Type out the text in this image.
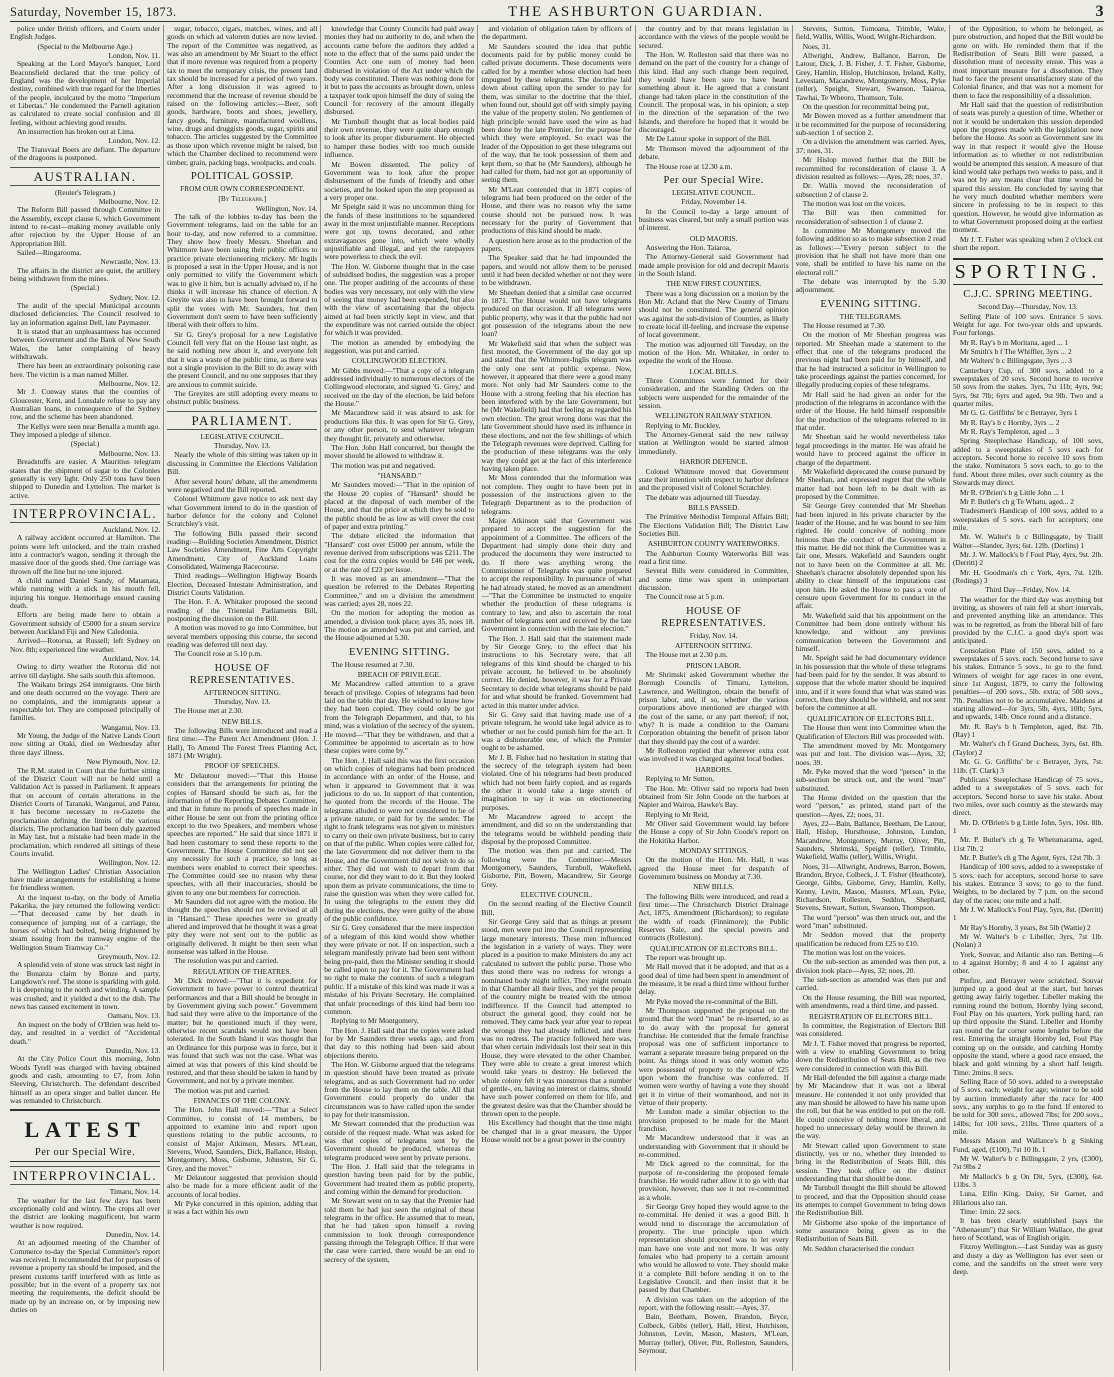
Saturday, November 15, 1873.	THE ASHBURTON GUARDIAN.	3

police under British officers, and Courts under English Judges.

(Special to the Melbourne Age.)

London, Nov. 11.

Speaking at the Lord Mayor's banquet, Lord Beaconsfield declared that the true policy of England was the development of her Imperial destiny, combined with true regard for the liberties of the people, inculcated by the motto "Imperium et Libertas." He condemned the Parnell agitation as calculated to create social confusion and ill feeling, without achieving good results.

An insurrection has broken out at Lima.

London, Nov. 12.

The Transvaal Boers are defiant. The departure of the dragoons is postponed.

AUSTRALIAN.

(Reuter's Telegram.)

Melbourne, Nov. 12.

The Reform Bill passed through Committee in the Assembly, except clause 6, which Government intend to re-cast—making money available only after rejection by the Upper House of an Appropriation Bill.

Sailed—Ringarooma.

Newcastle, Nov. 13.

The affairs in the district are quiet, the artillery being withdrawn from the mines.

(Special.)

Sydney, Nov. 12.

The audit of the special Municipal accounts disclosed deficiencies. The Council resolved to lay an information against Dell, late Paymaster.

It is stated that an unpleasantness has occurred between Government and the Bank of New South Wales, the latter complaining of heavy withdrawals.

There has been an extraordinary poisoning case here. The victim is a man named Miller.

Melbourne, Nov. 12.

Mr J. Conway states that the counties of Gloucester, Kent, and Lonsdale refuse to pay any Australian loans, in consequence of the Sydney row, and the scheme has been abandoned.

The Kellys were seen near Benalla a month ago. They imposed a pledge of silence.

(Special.)

Melbourne, Nov. 13.

Breadstuffs are easier. A Mauritius telegram states that the shipment of sugar to the Colonies generally is very light. Only 250 tons have been shipped to Dunedin and Lyttelton. The market is active.

INTERPROVINCIAL.

Auckland, Nov. 12.

A railway accident occurred at Hamilton. The points were left unlocked, and the train crashed into a contractor's wagon, sending it through the massive door of the goods shed. One carriage was thrown off the line but no one injured.

A child named Daniel Sandy, of Matamata, while running with a stick in his mouth fell, injuring his tongue. Hemorrhage ensued causing death.

Efforts are being made here to obtain a Government subsidy of £5000 for a steam service between Auckland Fiji and New Caledonia.

Arrived—Rotorua, at Russell; left Sydney on Nov. 8th; experienced fine weather.

Auckland, Nov. 14.

Owing to dirty weather the Rotorua did not arrive till daylight. She sails south this afternoon.

The Waikato brings 264 immigrants. One birth and one death occurred on the voyage. There are no complaints, and the immigrants appear a respectable lot. They are composed principally of families.

Wanganui, Nov. 13.

Mr Young, the Judge of the Native Lands Court now sitting at Otaki, died on Wednesday after three days' illness.

New Plymouth, Nov. 12.

The R.M. stated in Court that the further sitting of the District Court will not be held until a Validation Act is passed in Parliament. It appears that on account of certain alterations in the District Courts of Taranaki, Wanganui, and Patea, it has become necessary to re-Gazette the proclamation defining the limits of the various districts. The proclamation had been duly gazetted in May last, but a mistake had been made in the proclamation, which rendered all sittings of these Courts invalid.

Wellington, Nov. 12.

The Wellington Ladies' Christian Association have made arrangements for establishing a home for friendless women.

At the inquest to-day, on the body of Amelia Pakarika, the jury returned the following verdict:—"That deceased came by her death in consequence of jumping out of a carriage, the horses of which had bolted, being frightened by steam issuing from the tramway engine of the Wellington Steam Tramway Co."

Greymouth, Nov. 12.

A splendid vein of stone was struck last night in the Bonanza claim by Bonze and party, Langdown's reef. The stone is sparkling with gold. It is deepening to the north and winding. A sample was crushed, and it yielded a dwt to the dish. The news has caused excitement in town.

Oamaru, Nov. 13.

An inquest on the body of O'Brien was held to-day, and resulted in a verdict of "Accidental death."

Dunedin, Nov. 13.

At the City Police Court this morning, John Woods Tyrell was charged with having obtained goods and cash, amounting to £7, from John Sleeving, Christchurch. The defendant described himself as an opera singer and ballet dancer. He was remanded to Christchurch.

LATEST
Per our Special Wire.
INTERPROVINCIAL.

Timaru, Nov. 14.

The weather for the last few days has been exceptionally cold and wintry. The crops all over the district are looking magnificent, but warm weather is now required.

Dunedin, Nov. 14.

At an adjourned meeting of the Chamber of Commerce to-day the Special Committee's report was received. It recommended that for purposes of revenue a property tax should be imposed, and the present customs tariff interfered with as little as possible; but in the event of a property tax not meeting the requirements, the deficit should be made up by an increase on, or by imposing new duties on

sugar, tobacco, cigars, matches, wines, and all goods on which ad valorem duties are now levied. The report of the Committee was negatived, as was also an amendment by Mr Stuart to the effect that if more revenue was required from a property tax to meet the temporary crisis, the present land tax should be increased for a period of two years. After a long discussion it was agreed to recommend that the increase of revenue should be raised on the following articles:—Beer, soft goods, hardware, boots and shoes, jewellery, fancy goods, furniture, manufactured woollens, wine, drugs and druggists goods, sugar, spirits and tobacco. The articles suggested by the Committee as those upon which revenue might be raised, but which the Chamber declined to recommend were timber, grain, packing bags, woolpacks, and coals.

POLITICAL GOSSIP.
FROM OUR OWN CORRESPONDENT.
[By Telegraph.]

Wellington, Nov. 14.

The talk of the lobbies to-day has been the Government telegrams, laid on the table for an hour to-day, and now referred to a committee. They show how freely Messrs. Sheehan and Whitmore have been using their public offices to practice private electioneering trickery. Mr Ingils is proposed a seat in the Upper House, and is not only permitted to vilify the Government which was to give it him, but is actually advised to, if he thinks it will increase his chance of election. A Greyite was also to have been brought forward to split the votes with Mr. Saunders, but then Government don't seem to have been sufficiently liberal with their offers to him.

Sir G. Grey's proposal for a new Legislative Council fell very flat on the House last night, as he said nothing new about it, and everyone felt that it was a waste of the public time, as there was not a single provision in the Bill to do away with the present Council, and no one supposes that they are anxious to commit suicide.

The Greyites are still adopting every means to obstruct public business.

PARLIAMENT.
LEGISLATIVE COUNCIL.

Thursday, Nov. 13.

Nearly the whole of this sitting was taken up in discussing in Committee the Elections Validation Bill.

After several hours' debate, all the amendments were negatived and the Bill reported.

Colonel Whitmore gave notice to ask next day what Government intend to do in the question of harbor defence for the colony and Colonel Scratchley's visit.

The following Bills passed their second reading:—Building Societies Amendment, District Law Societies Amendment, Fine Arts Copyright Amendment, City of Auckland Loans Consolidated, Waimenga Racecourse.

Third readings—Wellington Highway Boards Election, Deceased Intestate Administration, and District Courts Validation.

The Hon. F. A. Whitaker proposed the second reading of the Triennial Parliaments Bill, postponing the discussion on the Bill.

A motion was moved to go into Committee, but several members opposing this course, the second reading was deferred till next day.

The Council rose at 5.10 p.m.

HOUSE OF REPRESENTATIVES.
AFTERNOON SITTING.

Thursday, Nov. 13.

The House met at 2.30.

NEW BILLS.

The following Bills were introduced and read a first time:—The Patent Act Amendment (Hon. J. Hall), To Amend The Forest Trees Planting Act, 1871 (Mr Wright).

PROOF OF SPEECHES.

Mr Delautour moved:—"That this House considers that the arrangements for printing the copies of Hansard should be such as, for the information of the Reporting Debates Committee, and that in future no proofs of speeches made in either House be sent out from the printing office except to the two Speakers, and members whose speeches are reported." He said that since 1871 it had been customary to send these reports to the Government. The House Committee did not see any necessity for such a practice, so long as members were enabled to correct their speeches. The Committee could see no reason why these speeches, with all their inaccuracies, should be given to any one but members for correction.

Mr Saunders did not agree with the motion. He thought the speeches should not be revised at all in "Hansard." These speeches were so greatly altered and improved that he thought it was a great pity they were not sent out to the public as originally delivered. It might be then seen what nonsense was talked in the House.

The resolution was put and carried.

REGULATION OF THEATRES.

Mr Dick moved:—"That it is expedient for Government to have power to control theatrical performances and that a Bill should be brought in by Government giving such power." Government had said they were alive to the importance of the matter; but he questioned much if they were, otherwise recent scandals would not have been tolerated. In the South Island it was thought that an Ordinance for this purpose was in force, but it was found that such was not the case. What was aimed at was that powers of this kind should be restored, and that these should be taken in hand by Government, and not by a private member.

The motion was put and carried.

FINANCES OF THE COLONY.

The Hon. John Hall moved:—"That a Select Committee, to consist of 14 members, be appointed to examine into and report upon questions relating to the public accounts, to consist of Major Atkinson, Messrs. M'Lean, Stevens, Wood, Saunders, Dick, Ballance, Hislop, Montgomery, Moss, Gisborne, Johnston, Sir G. Grey, and the mover."

Mr Delautour suggested that provision should also be made for a more efficient audit of the accounts of local bodies.

Mr Pyke concurred in this opinion, adding that it was a fact within his own

knowledge that County Councils had paid away monies they had no authority to do, and when the accounts came before the auditors they added a note to the effect that of the sums paid under the Counties Act one sum of money had been disbursed in violation of the Act under which the body was constituted. There was nothing done for it but to pass the accounts as brought down, unless a taxpayer took upon himself the duty of suing the Council for recovery of the amount illegally disbursed.

Mr Turnbull thought that as local bodies paid their own revenue, they were quite sharp enough to look after its proper disbursement. He objected to hamper these bodies with too much outside influence.

Mr Bowen dissented. The policy of Government was to look after the proper disbursement of the funds of friendly and other societies, and he looked upon the step proposed as a very proper one.

Mr Speight said it was no uncommon thing for the funds of these institutions to be squandered away in the most unjustifiable manner. Receptions were got up, towns decorated, and other extravagances gone into, which were wholly unjustifiable and illegal, and yet the ratepayers were powerless to check the evil.

The Hon. W. Gisborne thought that in the case of subsidised bodies, the suggestion was a proper one. The proper auditing of the accounts of these bodies was very necessary, not only with the view of seeing that money had been expended, but also with the view of ascertaining that the objects aimed at had been strictly kept in view, and that the expenditure was not carried outside the object for which it was provided.

The motion as amended by embodying the suggestion, was put and carried.

COLLINGWOOD ELECTION.

Mr Gibbs moved:—"That a copy of a telegram addressed individually to numerous electors of the Collingwood electorate, and signed 'G. Grey,' and received on the day of the election, be laid before the House."

Mr Macandrew said it was absurd to ask for productions like this. It was open for Sir G. Grey, or any other person, to send whatever telegram they thought fit, privately and otherwise.

The Hon. John Hall concurred, but thought the mover should be allowed to withdraw it.

The motion was put and negatived.

"HANSARD."

Mr Saunders moved:—"That in the opinion of the House 20 copies of "Hansard" should be placed at the disposal of each member of the House, and that the price at which they be sold to the public should be as low as will cover the cost of paper and extra printing."

The debate elicited the information that "Hansard" cost over £5000 per annum, while the revenue derived from subscriptions was £211. The cost for the extra copies would be £46 per week, or at the rate of £23 per issue.

It was moved as an amendment—"That the question be referred to the Debates Reporting Committee," and on a division the amendment was carried; ayes 28, noes 22.

On the motion for adopting the motion as amended, a division took place; ayes 35, noes 18. The motion as amended was put and carried, and the House adjourned at 5.30.

EVENING SITTING.

The House resumed at 7.30.

BREACH OF PRIVILEGE.

Mr Macandrew called attention to a grave breach of privilege. Copies of telegrams had been laid on the table that day. He wished to know how they had been copied. They could only be got from the Telegraph Department, and that, to his mind, was a violation of the secrecy of the system. He moved—"That they be withdrawn, and that a Committee be appointed to ascertain as to how these copies were come by."

The Hon. J. Hall said this was the first occasion on which copies of telegrams had been produced in accordance with an order of the House, and when it appeared to Government that it was judicious to do so. In support of that contention, he quoted from the records of the House. The telegrams alluded to were not considered to be of a private nature, or paid for by the sender. The right to frank telegrams was not given to ministers to carry on their own private business, but to carry on that of the public. When copies were called for, the late Government did not deliver them to the House, and the Government did not wish to do so either. They did not wish to depart from that course, nor did they want to do it. But they looked upon them as private communications, the time to raise the question was when they were called for. In using the telegraphs to the extent they did during the elections, they were guilty of the abuse of the public confidence.

Sir G. Grey considered that the mere inspection of a telegram of this kind would show whether they were private or not. If on inspection, such a telegram manifestly private had been sent without being pre-paid, then the Minister sending it should be called upon to pay for it. The Government had no right to make the contents of such a telegram public. If a mistake of this kind was made it was a mistake of his Private Secretary. He complained that unfair proceedings of this kind had been too common.

Replying to Mr Montgomery,

The Hon. J. Hall said that the copies were asked for by Mr Saunders three weeks ago, and from that day to this nothing had been said about objections thereto.

The Hon. W. Gisborne argued that the telegrams in question should have been treated as private telegrams, and as such Government had no order from the House to lay them on the table. All that Government could properly do under the circumstances was to have called upon the sender to pay for their transmission.

Mr Stewart contended that the production was outside of the request made. What was asked for was that copies of telegrams sent by the Government should be produced, whereas the telegrams produced were sent by private persons.

The Hon. J. Hall said that the telegrams in question having been paid for by the public, Government had treated them as public property, and coming within the demand for production.

Mr Stewart went on to say that the Premier had told them he had just seen the original of these telegrams in the office. He assumed that to mean, that he had taken upon himself a roving commission to look through correspondence passing through the Telegraph Office. If that were the case were carried, there would be an end to secrecy of the system,

and violation of obligation taken by officers of the department.

Mr Saunders scouted the idea that public documents paid for by public money could be called private documents. These documents were called for by a member whose election had been impugned by these telegrams. The doctrine laid down about calling upon the sender to pay for them, was similar to the doctrine that the thief, when found out, should get off with simply paying the value of the property stolen. No gentlemen of high principle would have used the wire as had been done by the late Premier, for the purpose for which they were employed. So exact was the leader of the Opposition to get these telegrams out of the way, that he took possession of them and kept them, so that he (Mr Saunders), although he had called for them, had not got an opportunity of seeing them.

Mr M'Lean contended that in 1871 copies of telegrams had been produced on the order of the House, and there was no reason why the same course should not be pursued now. It was necessary for the purity of Government that productions of this kind should be made.

A question here arose as to the production of the papers.

The Speaker said that he had impounded the papers, and would not allow them to be perused until it had been decided whether or not they were to be withdrawn.

Mr Sheehan denied that a similar case occurred in 1871. The House would not have telegrams produced on that occasion. If all telegrams were public property, why was it that the public had not got possession of the telegrams about the new loan?

Mr Wakefield said that when the subject was first mooted, the Government of the day got up and stated that the Whitmore-Inglis telegram was the only one sent at public expense. Now, however, it appeared that there were a good many more. Not only had Mr Saunders come to the House with a strong feeling that his election has been interfered with by the late Government, but he (Mr Wakefield) had that feeling as regarded his own election. The great wrong done was that the late Government should have used its influence in these elections, and not the few shillings of which the Telegraph revenues were deprived. Calling for the production of these telegrams was the only way they could get at the fact of this interference having taken place.

Mr Moss contended that the information was not complete. They ought to have been put in possession of the instructions given to the Telegraph Department as to the production of telegrams.

Major Atkinson said that Government was prepared to accept the suggestion for the appointment of a Committee. The officers of the Department had simply done their duty and produced the documents they were instructed to do. If there was anything wrong the Commissioner of Telegraphs was quite prepared to accept the responsibility. In pursuance of what he had already stated, he moved as an amendment—"That the Committee be instructed to enquire whether the production of these telegrams is contrary to law, and also to ascertain the total number of telegrams sent and received by the late Government in connection with the late election."

The Hon. J. Hall said that the statement made by Sir George Grey, to the effect that his instructions to his Secretary were, that all telegrams of this kind should be charged to his private account, he believed to be absolutely correct. He denied, however, it was for a Private Secretary to decide what telegrams should be paid for and what should be franked. Government had acted in this matter under advice.

Sir G. Grey said that having made use of a private telegram, he would take legal advice as to whether or not he could punish him for the act. It was a dishonorable one, of which the Premier ought to be ashamed.

Mr J. B. Fisher had no hesitation in stating that the secrecy of the telegraph system had been violated. One of his telegrams had been produced which had not been fairly copied, and as regards the other it would take a large stretch of imagination to say it was on electioneering purposes.

Mr Macandrew agreed to accept the amendment, and did so on the understanding that the telegrams would be withheld pending their disposal by the proposed Committee.

The motion was then put and carried. The following were the Committee:—Messrs Montgomery, Saunders, Turnbull, Wakefield, Gisborne, Pitt, Bowen, Macandrew, Sir George Grey.

ELECTIVE COUNCIL.

On the second reading of the Elective Council Bill,

Sir George Grey said that as things at present stood, men were put into the Council representing large monetary interests. These men influenced the legislation in a variety of ways. They were placed in a position to make Ministers do any act calculated to subvert the public purse. Those who thus stood there was no redress for wrongs a nominated body might inflict. They might remain in that Chamber all their lives, and yet the people of the country might be treated with the utmost indifference. If the Council had attempted to obstruct the general good, they could not be removed. They came back year after year to repeat the wrongs they had already inflicted, and there was no redress. The practice followed here was, that when certain individuals lost their seat in this House, they were elevated to the other Chamber. They were able to create a great interest which would take years to destroy. He believed the whole colony felt it was monstrous that a number of gentle-, en, having no interest or claims, should have such power conferred on them for life, and the greatest desire was that the Chamber should be thrown open to the people.

His Excellency had thought that the time might be changed that in a great measure, the Upper House would not be a great power in the country

the country and by that means legislation in accordance with the views of the people would be secured.

The Hon. W. Rolleston said that there was no demand on the part of the country for a change of this kind. Had any such change been required, they would have been sure to have heard something about it. He agreed that a constant change had taken place in the constitution of the Council. The proposal was, in his opinion, a step in the direction of the separation of the two Islands, and therefore he hoped that it would be discouraged.

Mr De Latour spoke in support of the Bill.

Mr Thomson moved the adjournment of the debate.

The House rose at 12.30 a.m.

Per our Special Wire.
LEGISLATIVE COUNCIL.

Friday, November 14.

In the Council to-day a large amount of business was cleared, but only a small portion was of interest.

OLD MAORIS.

Answering the Hon. Taiaroa,

The Attorney-General said Government had made ample provision for old and decrepit Maoris in the South Island.

THE NEW FIRST COUNTIES.

There was a long discussion on a motion by the Hon Mr. Acland that the New County of Timaru should not be constituted. The general opinion was against the sub-division of Counties, as likely to create local ill-feeling, and increase the expense of local government.

The motion was adjourned till Tuesday, on the motion of the Hon. Mr. Whitaker, in order to expedite the work of the House.

LOCAL BILLS.

Three Committees were formed for their consideration, and the Standing Orders on the subjects were suspended for the remainder of the session.

WELLINGTON RAILWAY STATION.

Replying to Mr. Buckley,

The Attorney-General said the new railway station at Wellington would be started almost immediately.

HARBOR DEFENCE.

Colonel Whitmore moved that Government state their intention with respect to harbor defence and the proposed visit of Colonel Scratchley.

The debate was adjourned till Tuesday.

BILLS PASSED.

The Primitive Methodist Temporal Affairs Bill; The Elections Validation Bill; The District Law Societies Bill.

ASHBURTON COUNTY WATERWORKS.

The Ashburton County Waterworks Bill was read a first time.

Several Bills were considered in Committee, and some time was spent in unimportant discussion.

The Council rose at 5 p.m.

HOUSE OF REPRESENTATIVES.

Friday, Nov. 14.

AFTERNOON SITTING.

The House met at 2.30 p.m.

PRISON LABOR.

Mr Shrimski asked Government whether the Borough Councils of Timaru, Lyttelton, Lawrence, and Wellington, obtain the benefit of prison labor, and, if so, whether the various corporations above mentioned are charged with the cost of the same, or any part thereof; if not, why? It is made a condition to the Oamaru Corporation obtaining the benefit of prison labor that they should pay the cost of a warder.

Mr Rolleston replied that wherever extra cost was involved it was charged against local bodies.

HARBORS.

Replying to Mr Sutton,

The Hon. Mr. Oliver said no reports had been obtained from Sir John Coode on the harbors at Napier and Wairoa, Hawke's Bay.

Replying to Mr Reid,

Mr Oliver said Government would lay before the House a copy of Sir John Coode's report on the Hokitika Harbor.

MONDAY SITTINGS.

On the motion of the Hon. Mr. Hall, it was agreed the House meet for despatch of Government business on Monday at 7.30.

NEW BILLS.

The following Bills were introduced, and read a first time:—The Christchurch District Drainage Act, 1875, Amendment (Richardson); to regulate the width of roads (Finnimore); the Public Reserves Sale, and the special powers and contracts (Rolleston).

QUALIFICATION OF ELECTORS BILL.

The report was brought up.

Mr Hall moved that it be adopted, and that as a good deal of time had been spent in amendment of the measure, it be read a third time without further delay.

Mr Pyke moved the re-committal of the Bill.

Mr Thompson supported the proposal on the ground that the word "man" be re-inserted, so as to do away with the proposal for general franchise. He contended that the female franchise proposal was one of sufficient importance to warrant a separate measure being prepared on the point. As things stood it was only women who were possessed of property to the value of £25 upon whom the franchise was conferred. If women were worthy of having a vote they should get it in virtue of their womanhood, and not in virtue of their property.

Mr Lundon made a similar objection to the provision proposed to be made for the Maori franchise.

Mr Macandrew understood that it was an understanding with Government that it should be re-committed.

Mr Dick agreed to the committal, for the purpose of re-considering the proposed female franchise. He would rather allow it to go with that provision, however, than see it not re-committed as a whole.

Sir George Grey hoped they would agree to the re-committal. He denied it was a good Bill. It would tend to discourage the accumulation of property. The true principle upon which representation should proceed was to let every man have one vote and not more. It was only females who had property to a certain amount who would be allowed to vote. They should make it a complete Bill before sending it on to the Legislative Council, and then insist that it be passed by that Chamber.

A division was taken on the adoption of the report, with the following result:—Ayes, 37.

Bain, Beetham, Bowen, Brandon, Bryce, Colbeck, Gibbs (teller), Hall, Hirst, Hutchison, Johnston, Levin, Mason, Masters, M'Lean, Murray (teller), Oliver, Pitt, Rolleston, Saunders, Seymour,

Stevens, Sutton, Tomoana, Trimble, Wake, field, Wallis, Willis, Wood, Wright-Richardson.

Noes, 31.

Allwright, Andrew, Ballance, Barron, De Latour, Dick, J. B. Fisher, J. T. Fisher, Gisborne, Grey, Hamlin, Hislop, Hutchinson, Ireland, Kelly, Levestam, Macandrew, Montgomery, Moss, Pyke (teller), Speight, Stewart, Swanson, Taiaroa, Tawhai, Te Wheoro, Thomson, Tole.

On the question for recommittal being put,

Mr Bowen moved as a further amendment that it be recommitted for the purpose of reconsidering sub-section 1 of section 2.

On a division the amendment was carried. Ayes, 37; noes, 31.

Mr Hislop moved further that the Bill be recommitted for reconsideration of clause 3. A division resulted as follows:—Ayes, 28; noes, 37.

Dr. Wallis moved the reconsideration of subsection 2 of clause 2.

The motion was lost on the voices.

The Bill was then committed for reconsideration of subsection 1 of clause 2.

In committee Mr Montgomery moved the following addition so as to make subsection 2 read as follows:—"Every person subject to the provision that he shall not have more than one vote, shall be entitled to have his name on the electoral roll."

The debate was interrupted by the 5.30 adjournment.

EVENING SITTING.
THE TELEGRAMS.

The House resumed at 7.30.

On the motion of Mr Sheehan progress was reported. Mr Sheehan made a statement to the effect that one of the telegrams produced the previous night had been paid for by himself, and that he had instructed a solicitor in Wellington to take proceedings against the parties concerned, for illegally producing copies of these telegrams.

Mr Hall said he had given an order for the production of the telegrams in accordance with the order of the House. He held himself responsible for the production of the telegrams referred to in that order.

Mr Sheehan said he would nevertheless take legal proceedings in the matter. He was afraid he would have to proceed against the officer in charge of the department.

Mr Wakefield deprecated the course pursued by Mr Sheehan, and expressed regret that the whole matter had not been left to be dealt with as proposed by the Committee.

Sir George Grey contended that Mr Sheehan had been injured in his private character by the leader of the House, and he was bound to see him righted. He could conceive of nothing more heinous than the conduct of the Government in this matter. He did not think the Committee was a fair one, Messrs. Wakefield and Saunders ought not to have been on the Committee at all. Mr. Sheehan's character absolutely depended upon his ability to clear himself of the imputations cast upon him. He asked the House to pass a vote of censure upon Government for its conduct in the affair.

Mr. Wakefield said that his appointment on the Committee had been done entirely without his knowledge, and without any previous communication between the Government and himself.

Mr. Speight said he had documentary evidence in his possession that the whole of these telegrams had been paid for by the sender. It was absurd to suppose that the whole matter should be inquired into, and if it were found that what was stated was correct, then they should be withheld, and not sent before the committee at all.

QUALIFICATION OF ELECTORS BILL.

The House then went into Committee when the Qualification of Electors Bill was proceeded with.

The amendment moved by Mr. Montgomery was put and lost. The division was—Ayes, 32; noes, 39.

Mr. Pyke moved that the word "person" in the sub-section be struck out, and the word "man" substituted.

The House divided on the question that the word "person," as printed, stand part of the question—Ayes, 22; noes, 31.

Ayes, 22—Bain, Ballance, Beetham, De Latour, Hall, Hislop, Hursthouse, Johnston, Lundon, Macandrew, Montgomery, Murray, Oliver, Pitt, Saunders, Shrimski, Speight (teller), Trimble, Wakefield, Wallis (teller), Willis, Wright.

Noes, 31—Allwright, Andrews, Barron, Bowen, Brandon, Bryce, Colbeck, J. T. Fisher (Heathcote), George, Gibbs, Gisborne, Grey, Hamlin, Kelly, Kenny, Levin, Mason, Masters, M'Lean, Pyke, Richardson, Rolleston, Seddon, Shephard, Stevens, Stewart, Sutton, Swanson, Thompson.

The word "person" was then struck out, and the word "man" substituted.

Mr Seddon moved that the property qualification be reduced from £25 to £10.

The motion was lost on the voices.

On the sub-section as amended was then put, a division took place—Ayes, 32; noes, 20.

The sub-section as amended was then put and carried.

On the House resuming, the Bill was reported, with amendments, read a third time, and passed.

REGISTRATION OF ELECTORS BILL.

In committee, the Registration of Electors Bill was considered.

Mr J. T. Fisher moved that progress be reported, with a view to enabling Government to bring down the Redistribution of Seats Bill, as the two were considered in connection with this Bill.

Mr Hall defended the bill against a charge made by Mr Macandrew that it was not a liberal measure. He contended it not only provided that any man should be allowed to have his name upon the roll, but that he was entitled to put on the roll. He could conceive of nothing more liberal, and hoped no unnecessary delay would be thrown in the way.

Mr Stewart called upon Government to state distinctly, yes or no, whether they intended to bring in the Redistribution of Seats Bill, this session. They took office on the distinct understanding that that should be done.

Mr Turnbull thought the Bill should be allowed to proceed, and that the Opposition should cease its attempts to compel Government to bring down the Redistribution Bill.

Mr Gisborne also spoke of the importance of some assurance being given as to the Redistribution of Seats Bill.

Mr. Seddon characterised the conduct

of the Opposition, to whom he belonged, as pure obstruction, and hoped that the Bill would be gone on with. He reminded them that if the Redistribution of Seats Bill were passed, a dissolution must of necessity ensue. This was a most important measure for a dissolution. They had to face the present unsatisfactory state of the Colonial finance, and that was not a moment for them to face the responsibility of a dissolution.

Mr Hall said that the question of redistribution of seats was purely a question of time. Whether or not it would be undertaken this session depended upon the progress made with the legislation now before the House. As soon as Government saw its way in that respect it would give the House information as to whether or not redistribution would be attempted this session. A measure of that kind would take perhaps two weeks to pass, and it was not by any means clear that time would be spared this session. He concluded by saying that he very much doubted whether members were sincere in professing to be in respect to this question. However, he would give information as to what Government proposed doing at the earliest moment.

Mr J. T. Fisher was speaking when 2 o'clock cut short the report.

SPORTING.
C.J.C. SPRING MEETING.

Second Day—Thursday, Nov. 13.

Selling Plate of 100 sovs. Entrance 5 sovs. Weight for age. For two-year olds and upwards. Four furlongs.

Mr R. Ray's b m Moritana, aged ... 1

Mr Smith's b f The Whiffler, 3yrs ... 2

Mr Walters' b c Billingsgate, 3yrs ... 3

Canterbury Cup, of 300 sovs, added to a sweepstakes of 20 sovs. Second horse to receive 50 sovs from the stakes. 3yrs, 7st 11b; 4yrs, 9st; 5yrs, 9st 7lb; 6yrs and aged, 9st 9lb. Two and a quarter miles.

Mr G. G. Griffiths' br c Betrayer, 3yrs 1

Mr R. Ray's b c Hornby, 3yrs ... 2

Mr R. Ray's Templeton, aged ... 3

Spring Steeplechase Handicap, of 100 sovs, added to a sweepstakes of 5 sovs each for acceptors. Second horse to receive 10 sovs from the stake. Nominators 5 sovs each, to go to the fund. About three miles, over such country as the Stewards may direct.

Mr R. O'Brien's b g Little John ... 1

Mr P. Butler's ch g Te Whatu, aged... 2

Tradesmen's Handicap of 100 sovs, added to a sweepstakes of 5 sovs. each for acceptors; one mile.

Mr. W. Walter's b c Billingsgate, by Traill Walter—Slander, 3yrs; 6st. 12lb. (Dorlins) 1

Mr. J. W. Mallock's b f Foul Play, 4yrs, 9st. 2lb. (Derritt) 2

Mr. H. Goodman's ch c York, 4yrs, 7st. 12lb. (Redings) 3

Third Day—Friday, Nov. 14.

The weather for the third day was anything but inviting, as showers of rain fell at short intervals, and prevented anything like an attendance. This was to be regretted, as from the liberal bill of fare provided by the C.J.C. a good day's sport was anticipated.

Consolation Plate of 150 sovs, added to a sweepstakes of 5 sovs. each. Second horse to save his stakes. Entrance 5 sovs., to go to the fund. Winners of weight for age races in one event, since 1st August, 1879, to carry the following penalties—of 200 sovs., 5lb. extra; of 500 sovs., 7lb. Penalties not to be accumulative. Maidens at starting allowed—for 3yrs, 5lb, 4yrs, 10lb; 5yrs, and upwards, 14lb. Once round and a distance.

Mr. R. Ray's b h Templeton, aged, 8st. 7lb. (Ray) 1

Mr. Walter's ch f Grand Duchess, 3yrs, 6st. 8lb. (Taylor) 2

Mr. G. G. Griffiths' br c Betrayer, 3yrs, 7st. 11lb. (T. Clark) 3

Publicans' Steeplechase Handicap of 75 sovs., added to a sweepstakes of 5 sovs. each for acceptors. Second horse to save his stake. About two miles, over such country as the stewards may direct.

Mr. D. O'Brien's b g Little John, 5yrs, 10st. 8lb. 1

Mr. P. Butler's ch g Te Whetumarama, aged, 11st 7lb. 2

Mr. P. Butler's ch g The Agent, 6yrs, 12st 7lb. 3

Handicap of 100 sovs, added to a sweepstake of 5 sovs. each for acceptors, second horse to save his stakes. Entrance 3 sovs; to go to the fund. Weights, to be declared by 7 p.m. on the second day of the races; one mile and a half.

Mr J. W. Mallock's Foul Play, 5yrs, 8st. (Derritt) 1

Mr Ray's Hornby, 3 years, 8st 5lb (Wattie) 2

Mr W. Walter's b c Libeller, 3yrs, 7st 1lb. (Nolan) 3

York, Souvar, and Atlantic also ran. Betting—6 to 4 against Hornby; 8 and 4 to 1 against any other.

Pinfire, and Betrayer were scratched. Souvar jumped up a good deal at the start, but horses getting away fairly together. Libeller making the running round the bottom, Hornby lying second, Foul Play on his quarters, York pulling hard, ran up third opposite the Stand. Libeller and Hornby ran round the far corner some lengths before the rest. Entering the straight Hornby led, Foul Play coming up on the outside, and catching Hornby opposite the stand, where a good race ensued, the black and gold winning by a short half length. Time: 2mins. 8 secs.

Selling Race of 50 sovs. added to a sweepstake of 5 sovs. each; weight for age; winner to be sold by auction immediately after the race for 400 sovs., any surplus to go to the fund. If entered to be sold for 300 sovs., allowed 7lbs; for 200 sovs., 14lbs; for 100 sovs., 21lbs. Three quarters of a mile.

Messrs Mason and Wallance's b g Sinking Fund, aged, (£100), 7st 10 lb. 1

Mr W. Walter's b c Billingsgate, 2 yrs, (£300), 7st 9lbs 2

Mr Mallock's b g On Dit, 5yrs, (£300), 6st. 11lbs. 3

Luna, Elfin King, Daisy, Sir Garnet, and Hilarious also ran.

Time: 1min. 22 secs.

It has been clearly established (says the "Athenaeum") that Sir William Wallace, the great hero of Scotland, was of English origin.

Fitzroy Wellington.—Last Sunday was as gusty and dusty a day as Wellington has ever seen or come, and the sandrifts on the street were very deep.
